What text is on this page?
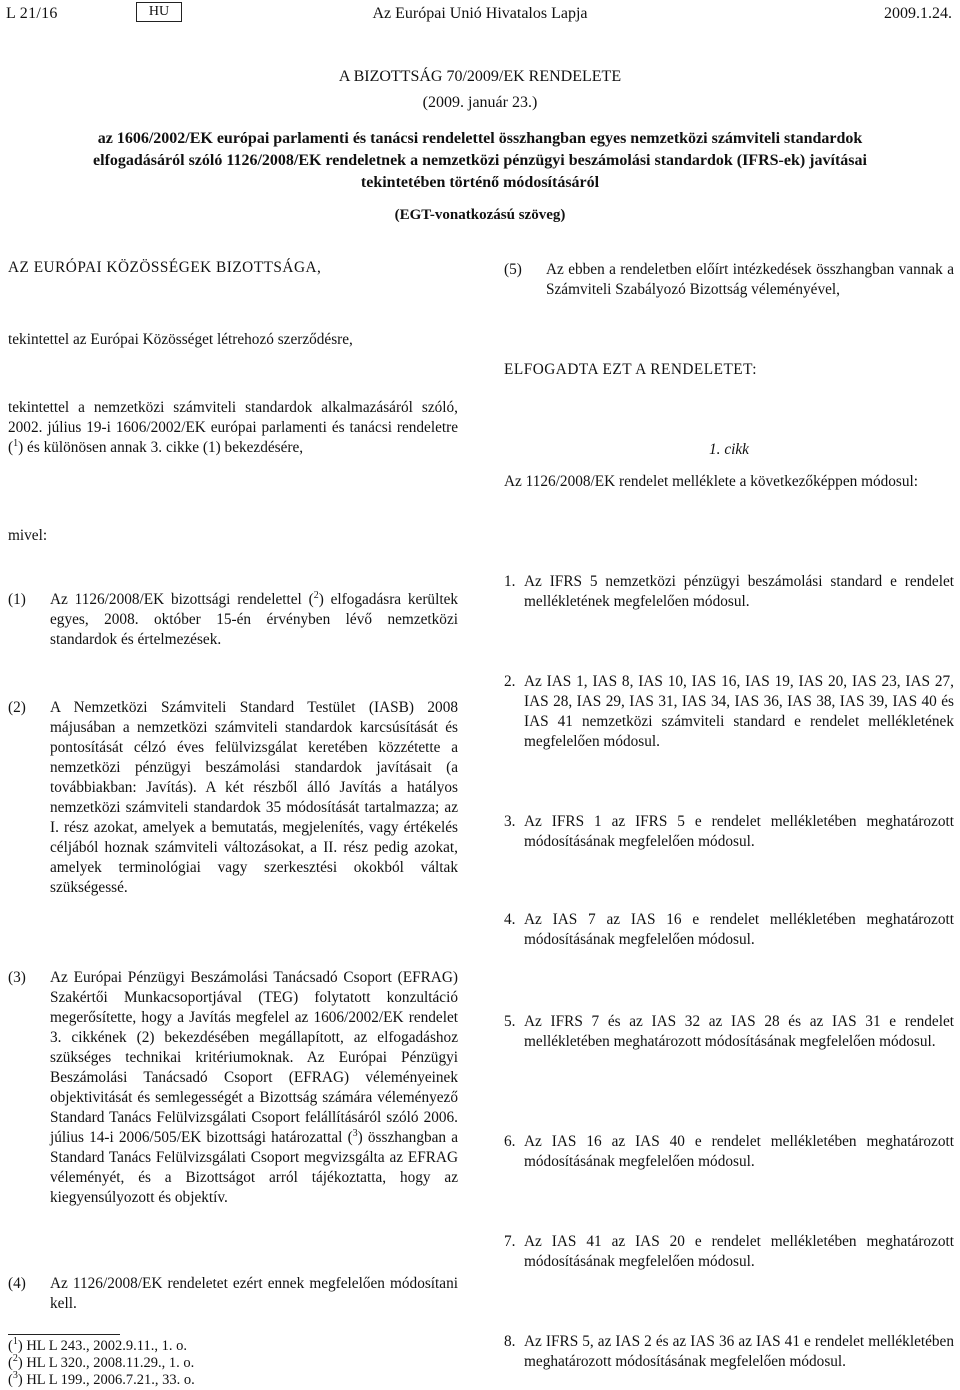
L 21/16	HU	Az Európai Unió Hivatalos Lapja	2009.1.24.
A BIZOTTSÁG 70/2009/EK RENDELETE
(2009. január 23.)
az 1606/2002/EK európai parlamenti és tanácsi rendelettel összhangban egyes nemzetközi számviteli standardok elfogadásáról szóló 1126/2008/EK rendeletnek a nemzetközi pénzügyi beszámolási standardok (IFRS-ek) javításai tekintetében történő módosításáról
(EGT-vonatkozású szöveg)
AZ EURÓPAI KÖZÖSSÉGEK BIZOTTSÁGA,

tekintettel az Európai Közösséget létrehozó szerződésre,

tekintettel a nemzetközi számviteli standardok alkalmazásáról szóló, 2002. július 19-i 1606/2002/EK európai parlamenti és tanácsi rendeletre ($^1$) és különösen annak 3. cikke (1) bekezdésére,

mivel:
(1)	Az 1126/2008/EK bizottsági rendelettel ($^2$) elfogadásra kerültek egyes, 2008. október 15-én érvényben lévő nemzetközi standardok és értelmezések.

(2)	A Nemzetközi Számviteli Standard Testület (IASB) 2008 májusában a nemzetközi számviteli standardok karcsúsítását és pontosítását célzó éves felülvizsgálat keretében közzétette a nemzetközi pénzügyi beszámolási standardok javításait (a továbbiakban: Javítás). A két részből álló Javítás a hatályos nemzetközi számviteli standardok 35 módosítását tartalmazza; az I. rész azokat, amelyek a bemutatás, megjelenítés, vagy értékelés céljából hoznak számviteli változásokat, a II. rész pedig azokat, amelyek terminológiai vagy szerkesztési okokból váltak szükségessé.

(3)	Az Európai Pénzügyi Beszámolási Tanácsadó Csoport (EFRAG) Szakértői Munkacsoportjával (TEG) folytatott konzultáció megerősítette, hogy a Javítás megfelel az 1606/2002/EK rendelet 3. cikkének (2) bekezdésében megállapított, az elfogadáshoz szükséges technikai kritériumoknak. Az Európai Pénzügyi Beszámolási Tanácsadó Csoport (EFRAG) véleményeinek objektivitását és semlegességét a Bizottság számára véleményező Standard Tanács Felülvizsgálati Csoport felállításáról szóló 2006. július 14-i 2006/505/EK bizottsági határozattal ($^3$) összhangban a Standard Tanács Felülvizsgálati Csoport megvizsgálta az EFRAG véleményét, és a Bizottságot arról tájékoztatta, hogy az kiegyensúlyozott és objektív.

(4)	Az 1126/2008/EK rendeletet ezért ennek megfelelően módosítani kell.

($^1$) HL L 243., 2002.9.11., 1. o.
($^2$) HL L 320., 2008.11.29., 1. o.
($^3$) HL L 199., 2006.7.21., 33. o.
(5)	Az ebben a rendeletben előírt intézkedések összhangban vannak a Számviteli Szabályozó Bizottság véleményével,

ELFOGADTA EZT A RENDELETET:
1. cikk

Az 1126/2008/EK rendelet melléklete a következőképpen módosul:

1. Az IFRS 5 nemzetközi pénzügyi beszámolási standard e rendelet mellékletének megfelelően módosul.

2. Az IAS 1, IAS 8, IAS 10, IAS 16, IAS 19, IAS 20, IAS 23, IAS 27, IAS 28, IAS 29, IAS 31, IAS 34, IAS 36, IAS 38, IAS 39, IAS 40 és IAS 41 nemzetközi számviteli standard e rendelet mellékletének megfelelően módosul.

3. Az IFRS 1 az IFRS 5 e rendelet mellékletében meghatározott módosításának megfelelően módosul.

4. Az IAS 7 az IAS 16 e rendelet mellékletében meghatározott módosításának megfelelően módosul.

5. Az IFRS 7 és az IAS 32 az IAS 28 és az IAS 31 e rendelet mellékletében meghatározott módosításának megfelelően módosul.

6. Az IAS 16 az IAS 40 e rendelet mellékletében meghatározott módosításának megfelelően módosul.

7. Az IAS 41 az IAS 20 e rendelet mellékletében meghatározott módosításának megfelelően módosul.

8. Az IFRS 5, az IAS 2 és az IAS 36 az IAS 41 e rendelet mellékletében meghatározott módosításának megfelelően módosul.
